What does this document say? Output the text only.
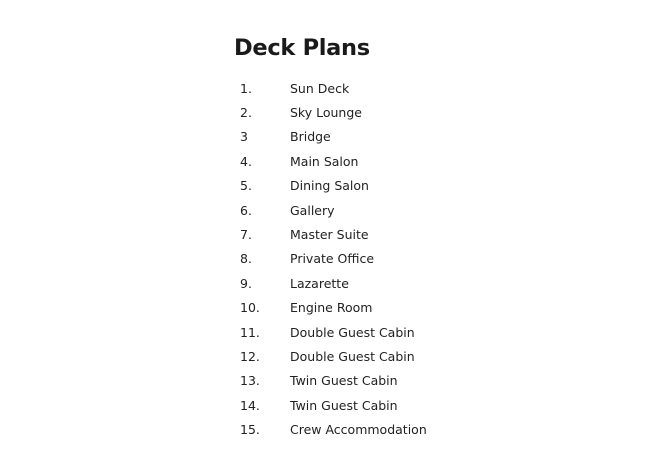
Deck Plans
1.	Sun Deck
2.	Sky Lounge
3	Bridge
4.	Main Salon
5.	Dining Salon
6.	Gallery
7.	Master Suite
8.	Private Office
9.	Lazarette
10.	Engine Room
11.	Double Guest Cabin
12.	Double Guest Cabin
13.	Twin Guest Cabin
14.	Twin Guest Cabin
15.	Crew Accommodation
